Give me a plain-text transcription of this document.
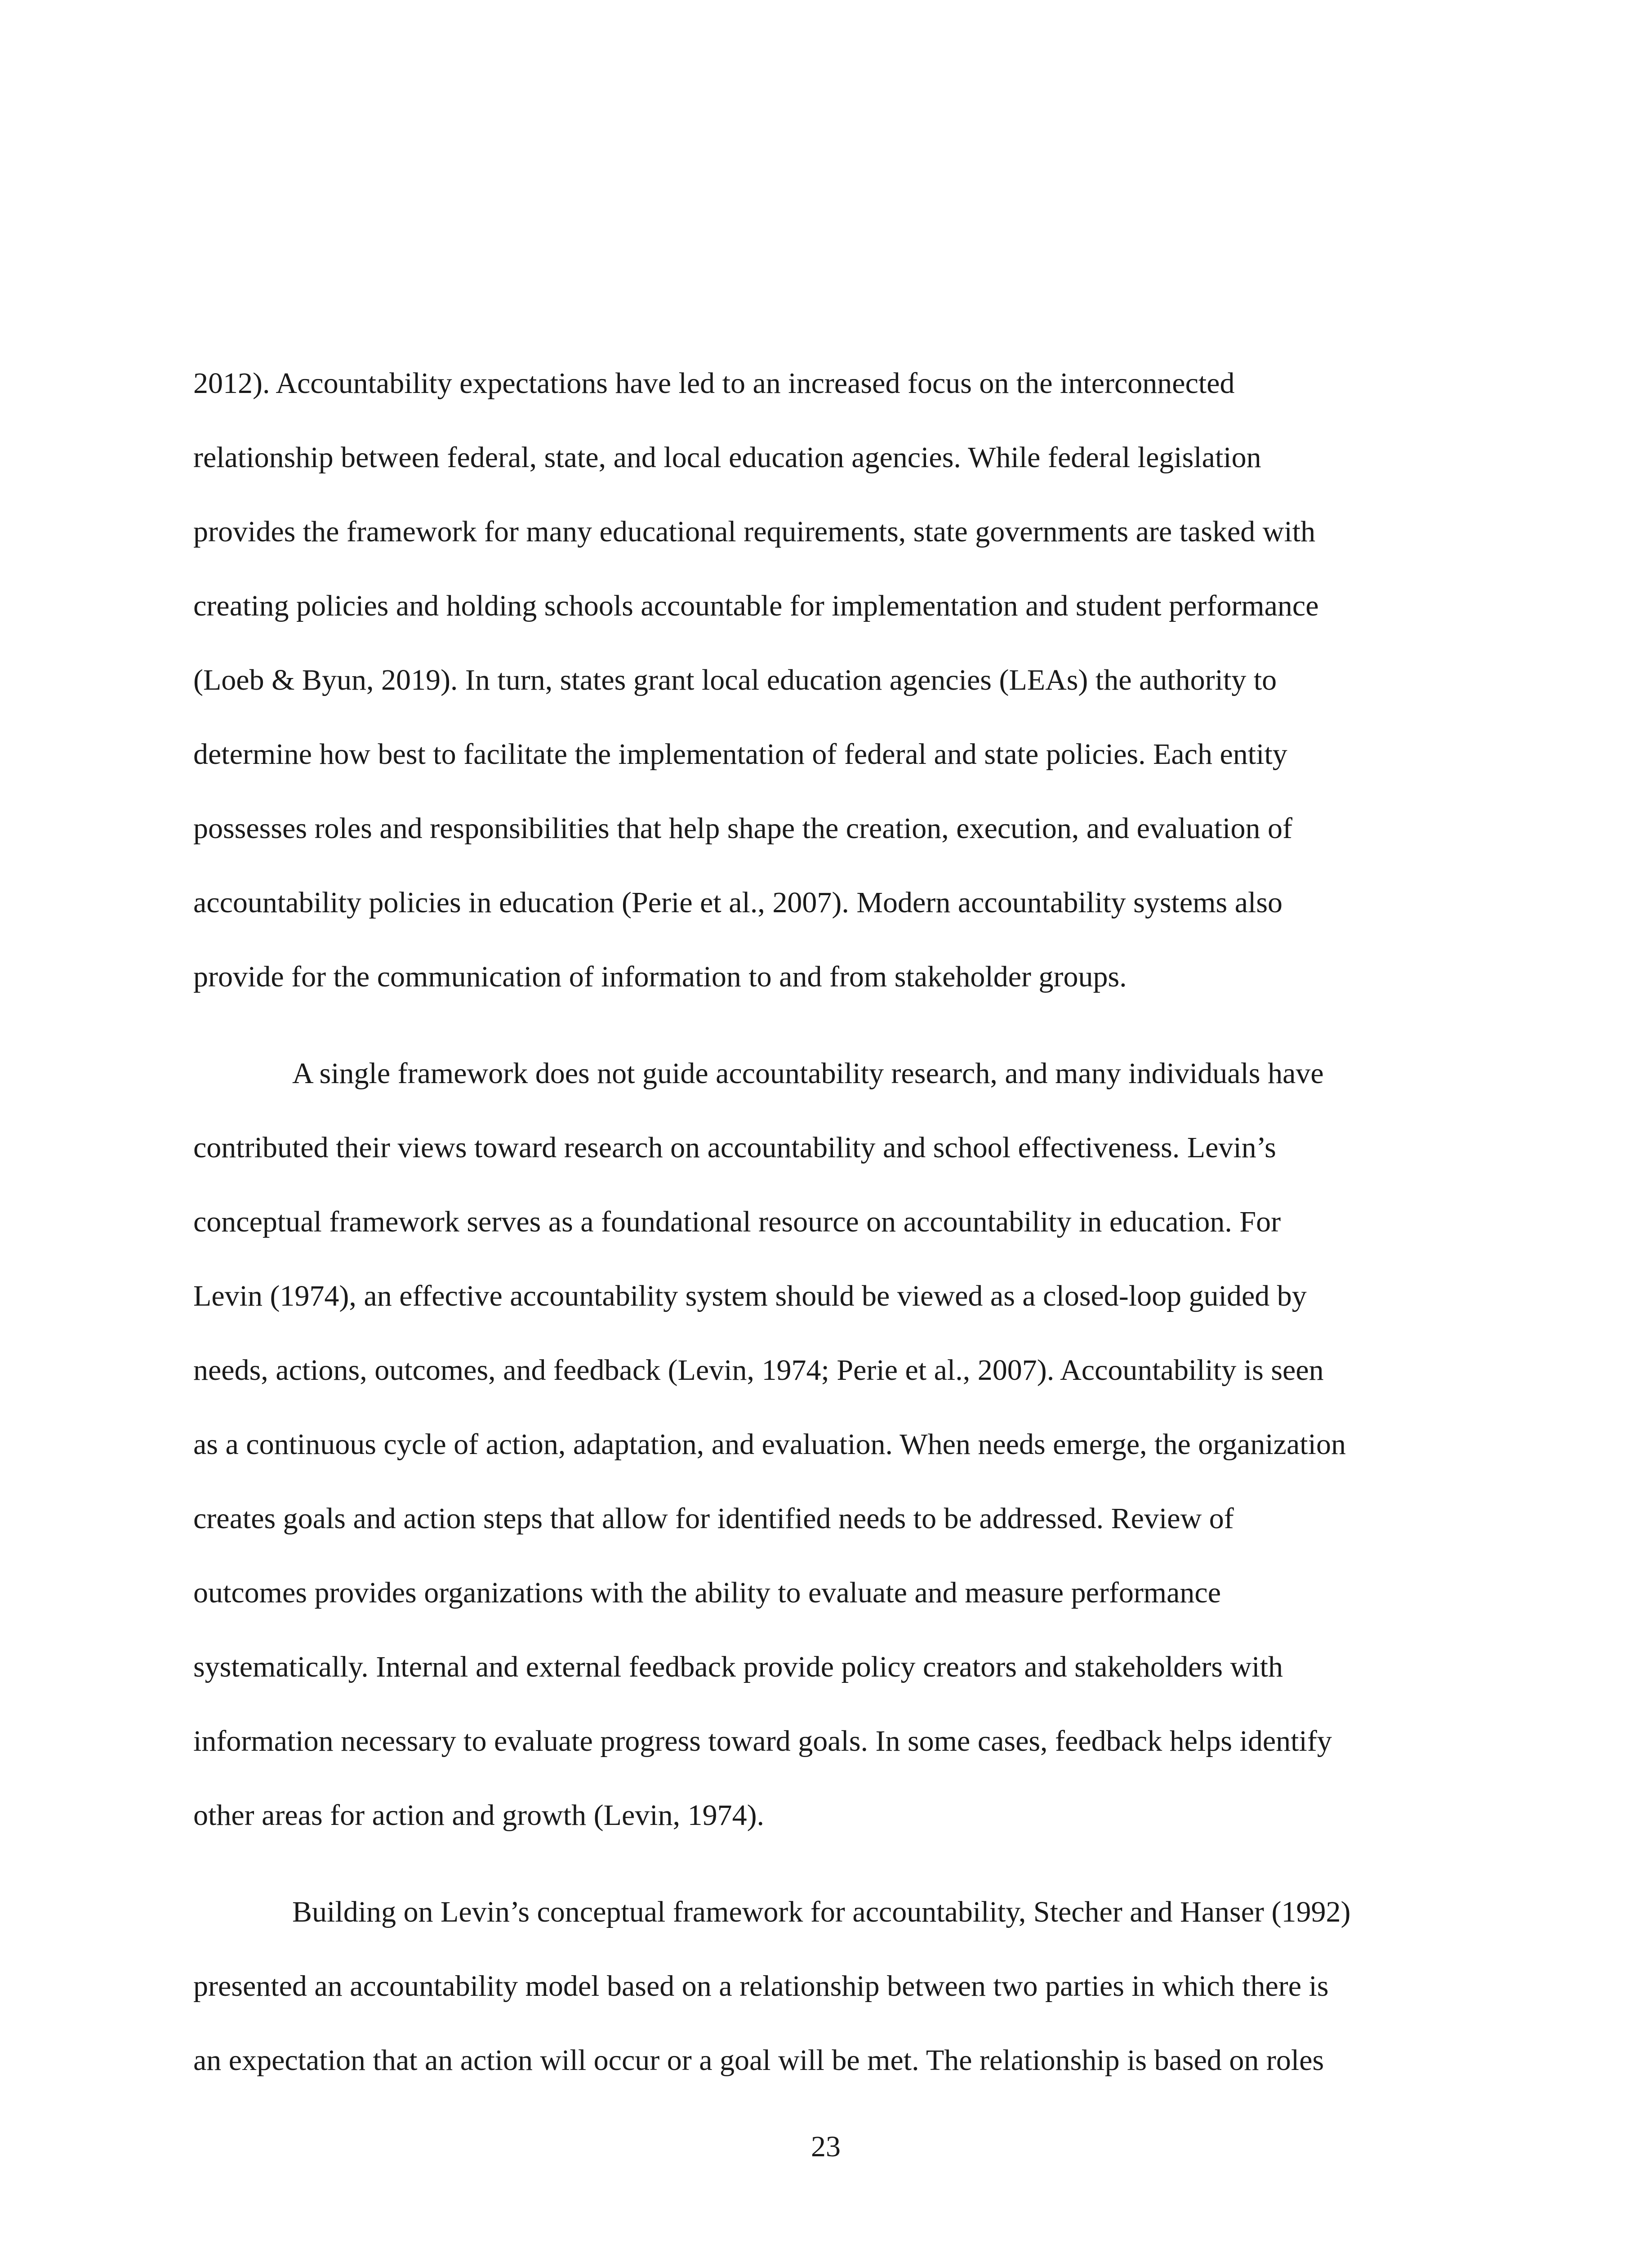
2012). Accountability expectations have led to an increased focus on the interconnected
relationship between federal, state, and local education agencies. While federal legislation
provides the framework for many educational requirements, state governments are tasked with
creating policies and holding schools accountable for implementation and student performance
(Loeb & Byun, 2019). In turn, states grant local education agencies (LEAs) the authority to
determine how best to facilitate the implementation of federal and state policies. Each entity
possesses roles and responsibilities that help shape the creation, execution, and evaluation of
accountability policies in education (Perie et al., 2007). Modern accountability systems also
provide for the communication of information to and from stakeholder groups.
A single framework does not guide accountability research, and many individuals have
contributed their views toward research on accountability and school effectiveness. Levin’s
conceptual framework serves as a foundational resource on accountability in education. For
Levin (1974), an effective accountability system should be viewed as a closed-loop guided by
needs, actions, outcomes, and feedback (Levin, 1974; Perie et al., 2007). Accountability is seen
as a continuous cycle of action, adaptation, and evaluation. When needs emerge, the organization
creates goals and action steps that allow for identified needs to be addressed. Review of
outcomes provides organizations with the ability to evaluate and measure performance
systematically. Internal and external feedback provide policy creators and stakeholders with
information necessary to evaluate progress toward goals. In some cases, feedback helps identify
other areas for action and growth (Levin, 1974).
Building on Levin’s conceptual framework for accountability, Stecher and Hanser (1992)
presented an accountability model based on a relationship between two parties in which there is
an expectation that an action will occur or a goal will be met. The relationship is based on roles
23
